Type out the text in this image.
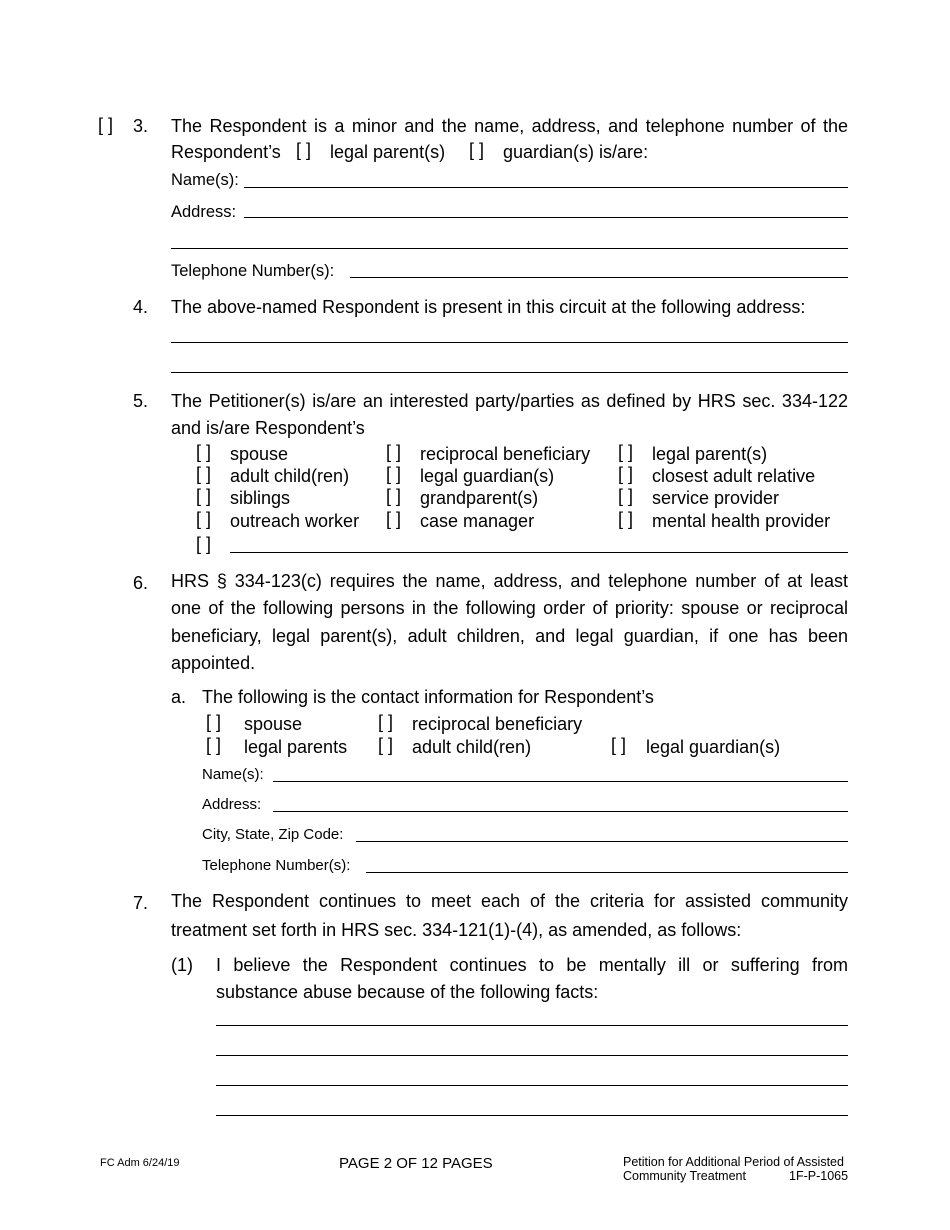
[ ] 3. The Respondent is a minor and the name, address, and telephone number of the
Respondent’s [ ] legal parent(s) [ ] guardian(s) is/are:
Name(s):
Address:
Telephone Number(s):
4. The above-named Respondent is present in this circuit at the following address:
5. The Petitioner(s) is/are an interested party/parties as defined by HRS sec. 334-122
and is/are Respondent’s
[ ] spouse	[ ] reciprocal beneficiary [ ] legal parent(s)
[ ] adult child(ren) [ ] legal guardian(s)	[ ] closest adult relative
[ ] siblings	[ ] grandparent(s)	[ ] service provider
[ ] outreach worker [ ] case manager	[ ] mental health provider
[ ]
6. HRS § 334-123(c) requires the name, address, and telephone number of at least
one of the following persons in the following order of priority: spouse or reciprocal
beneficiary, legal parent(s), adult children, and legal guardian, if one has been
appointed.
a. The following is the contact information for Respondent’s
[ ] spouse	[ ] reciprocal beneficiary
[ ] legal parents [ ] adult child(ren)	[ ] legal guardian(s)
Name(s):
Address:
City, State, Zip Code:
Telephone Number(s):
7. The Respondent continues to meet each of the criteria for assisted community
treatment set forth in HRS sec. 334-121(1)-(4), as amended, as follows:
(1) I believe the Respondent continues to be mentally ill or suffering from
substance abuse because of the following facts:
FC Adm 6/24/19	PAGE 2 OF 12 PAGES	Petition for Additional Period of Assisted
Community Treatment	1F-P-1065
